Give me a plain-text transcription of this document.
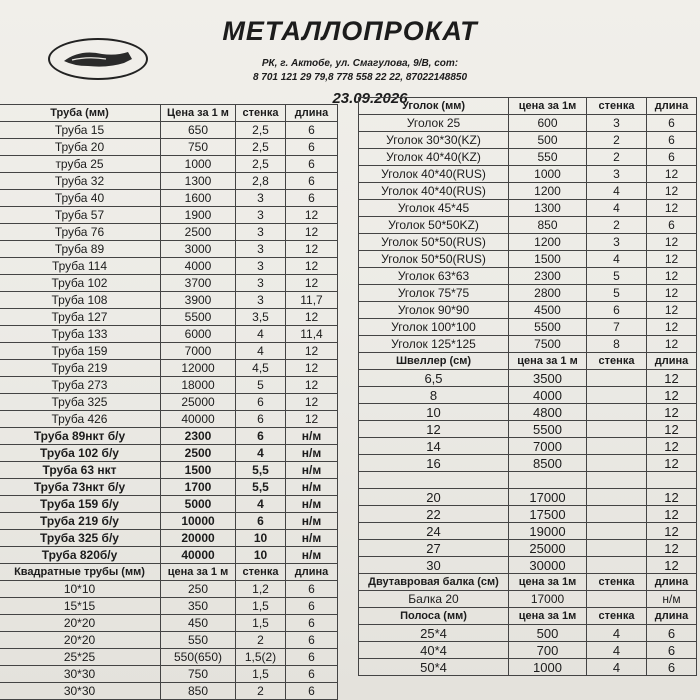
МЕТАЛЛОПРОКАТ
РК, г. Актобе, ул. Смагулова, 9/В, сот:
8 701 121 29 79,8 778 558 22 22, 87022148850
23.09.2026
Труба (мм)	Цена за 1 м	стенка	длина
Труба 15	650	2,5	6
Труба 20	750	2,5	6
труба 25	1000	2,5	6
Труба 32	1300	2,8	6
Труба 40	1600	3	6
Труба 57	1900	3	12
Труба 76	2500	3	12
Труба 89	3000	3	12
Труба 114	4000	3	12
Труба 102	3700	3	12
Труба 108	3900	3	11,7
Труба 127	5500	3,5	12
Труба 133	6000	4	11,4
Труба 159	7000	4	12
Труба 219	12000	4,5	12
Труба 273	18000	5	12
Труба 325	25000	6	12
Труба 426	40000	6	12
Труба 89нкт б/у	2300	6	н/м
Труба 102 б/у	2500	4	н/м
Труба 63 нкт	1500	5,5	н/м
Труба 73нкт б/у	1700	5,5	н/м
Труба 159 б/у	5000	4	н/м
Труба 219 б/у	10000	6	н/м
Труба 325 б/у	20000	10	н/м
Труба 820б/у	40000	10	н/м
Квадратные трубы (мм)	цена за 1 м	стенка	длина
10*10	250	1,2	6
15*15	350	1,5	6
20*20	450	1,5	6
20*20	550	2	6
25*25	550(650)	1,5(2)	6
30*30	750	1,5	6
30*30	850	2	6
Уголок (мм)	цена за 1м	стенка	длина
Уголок 25	600	3	6
Уголок 30*30(KZ)	500	2	6
Уголок 40*40(KZ)	550	2	6
Уголок 40*40(RUS)	1000	3	12
Уголок 40*40(RUS)	1200	4	12
Уголок 45*45	1300	4	12
Уголок 50*50KZ)	850	2	6
Уголок 50*50(RUS)	1200	3	12
Уголок 50*50(RUS)	1500	4	12
Уголок 63*63	2300	5	12
Уголок 75*75	2800	5	12
Уголок 90*90	4500	6	12
Уголок 100*100	5500	7	12
Уголок 125*125	7500	8	12
Швеллер (см)	цена за 1 м	стенка	длина
6,5	3500		12
8	4000		12
10	4800		12
12	5500		12
14	7000		12
16	8500		12

20	17000		12
22	17500		12
24	19000		12
27	25000		12
30	30000		12
Двутавровая балка (см)	цена за 1м	стенка	длина
Балка 20	17000		н/м
Полоса (мм)	цена за 1м	стенка	длина
25*4	500	4	6
40*4	700	4	6
50*4	1000	4	6
